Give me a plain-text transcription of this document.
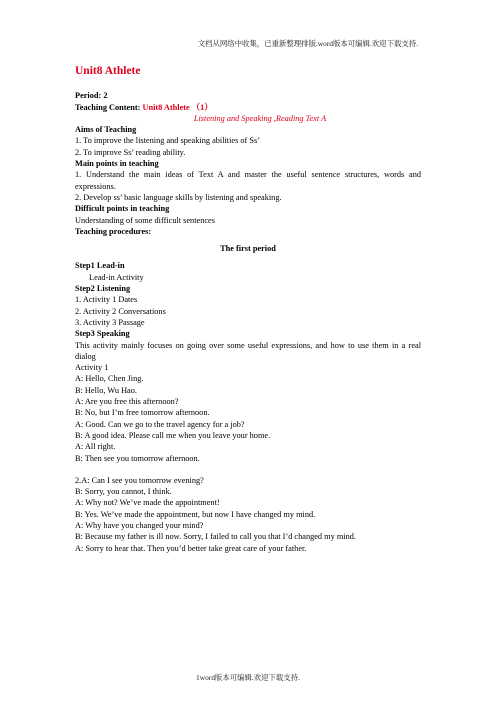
文档从网络中收集，已重新整理排版.word版本可编辑.欢迎下载支持.
Unit8 Athlete

Period: 2

Teaching Content: Unit8 Athlete （1）

Listening and Speaking ,Reading Text A

Aims of Teaching

1. To improve the listening and speaking abilities of Ss’

2. To improve Ss’ reading ability.

Main points in teaching

1. Understand the main ideas of Text A and master the useful sentence structures, words and expressions.

2. Develop ss’ basic language skills by listening and speaking.

Difficult points in teaching

Understanding of some difficult sentences

Teaching procedures:

The first period

Step1 Lead-in

Lead-in Activity

Step2 Listening

1. Activity 1 Dates

2. Activity 2 Conversations

3. Activity 3 Passage

Step3 Speaking

This activity mainly focuses on going over some useful expressions, and how to use them in a real dialog

Activity 1

A: Hello, Chen Jing.

B: Hello, Wu Hao.

A: Are you free this afternoon?

B: No, but I’m free tomorrow afternoon.

A: Good. Can we go to the travel agency for a job?

B: A good idea. Please call me when you leave your home.

A: All right.

B: Then see you tomorrow afternoon.

2.A: Can I see you tomorrow evening?

B: Sorry, you cannot, I think.

A: Why not? We’ve made the appointment!

B: Yes. We’ve made the appointment, but now I have changed my mind.

A: Why have you changed your mind?

B: Because my father is ill now. Sorry, I failed to call you that I’d changed my mind.

A: Sorry to hear that. Then you’d better take great care of your father.

1word版本可编辑.欢迎下载支持.
